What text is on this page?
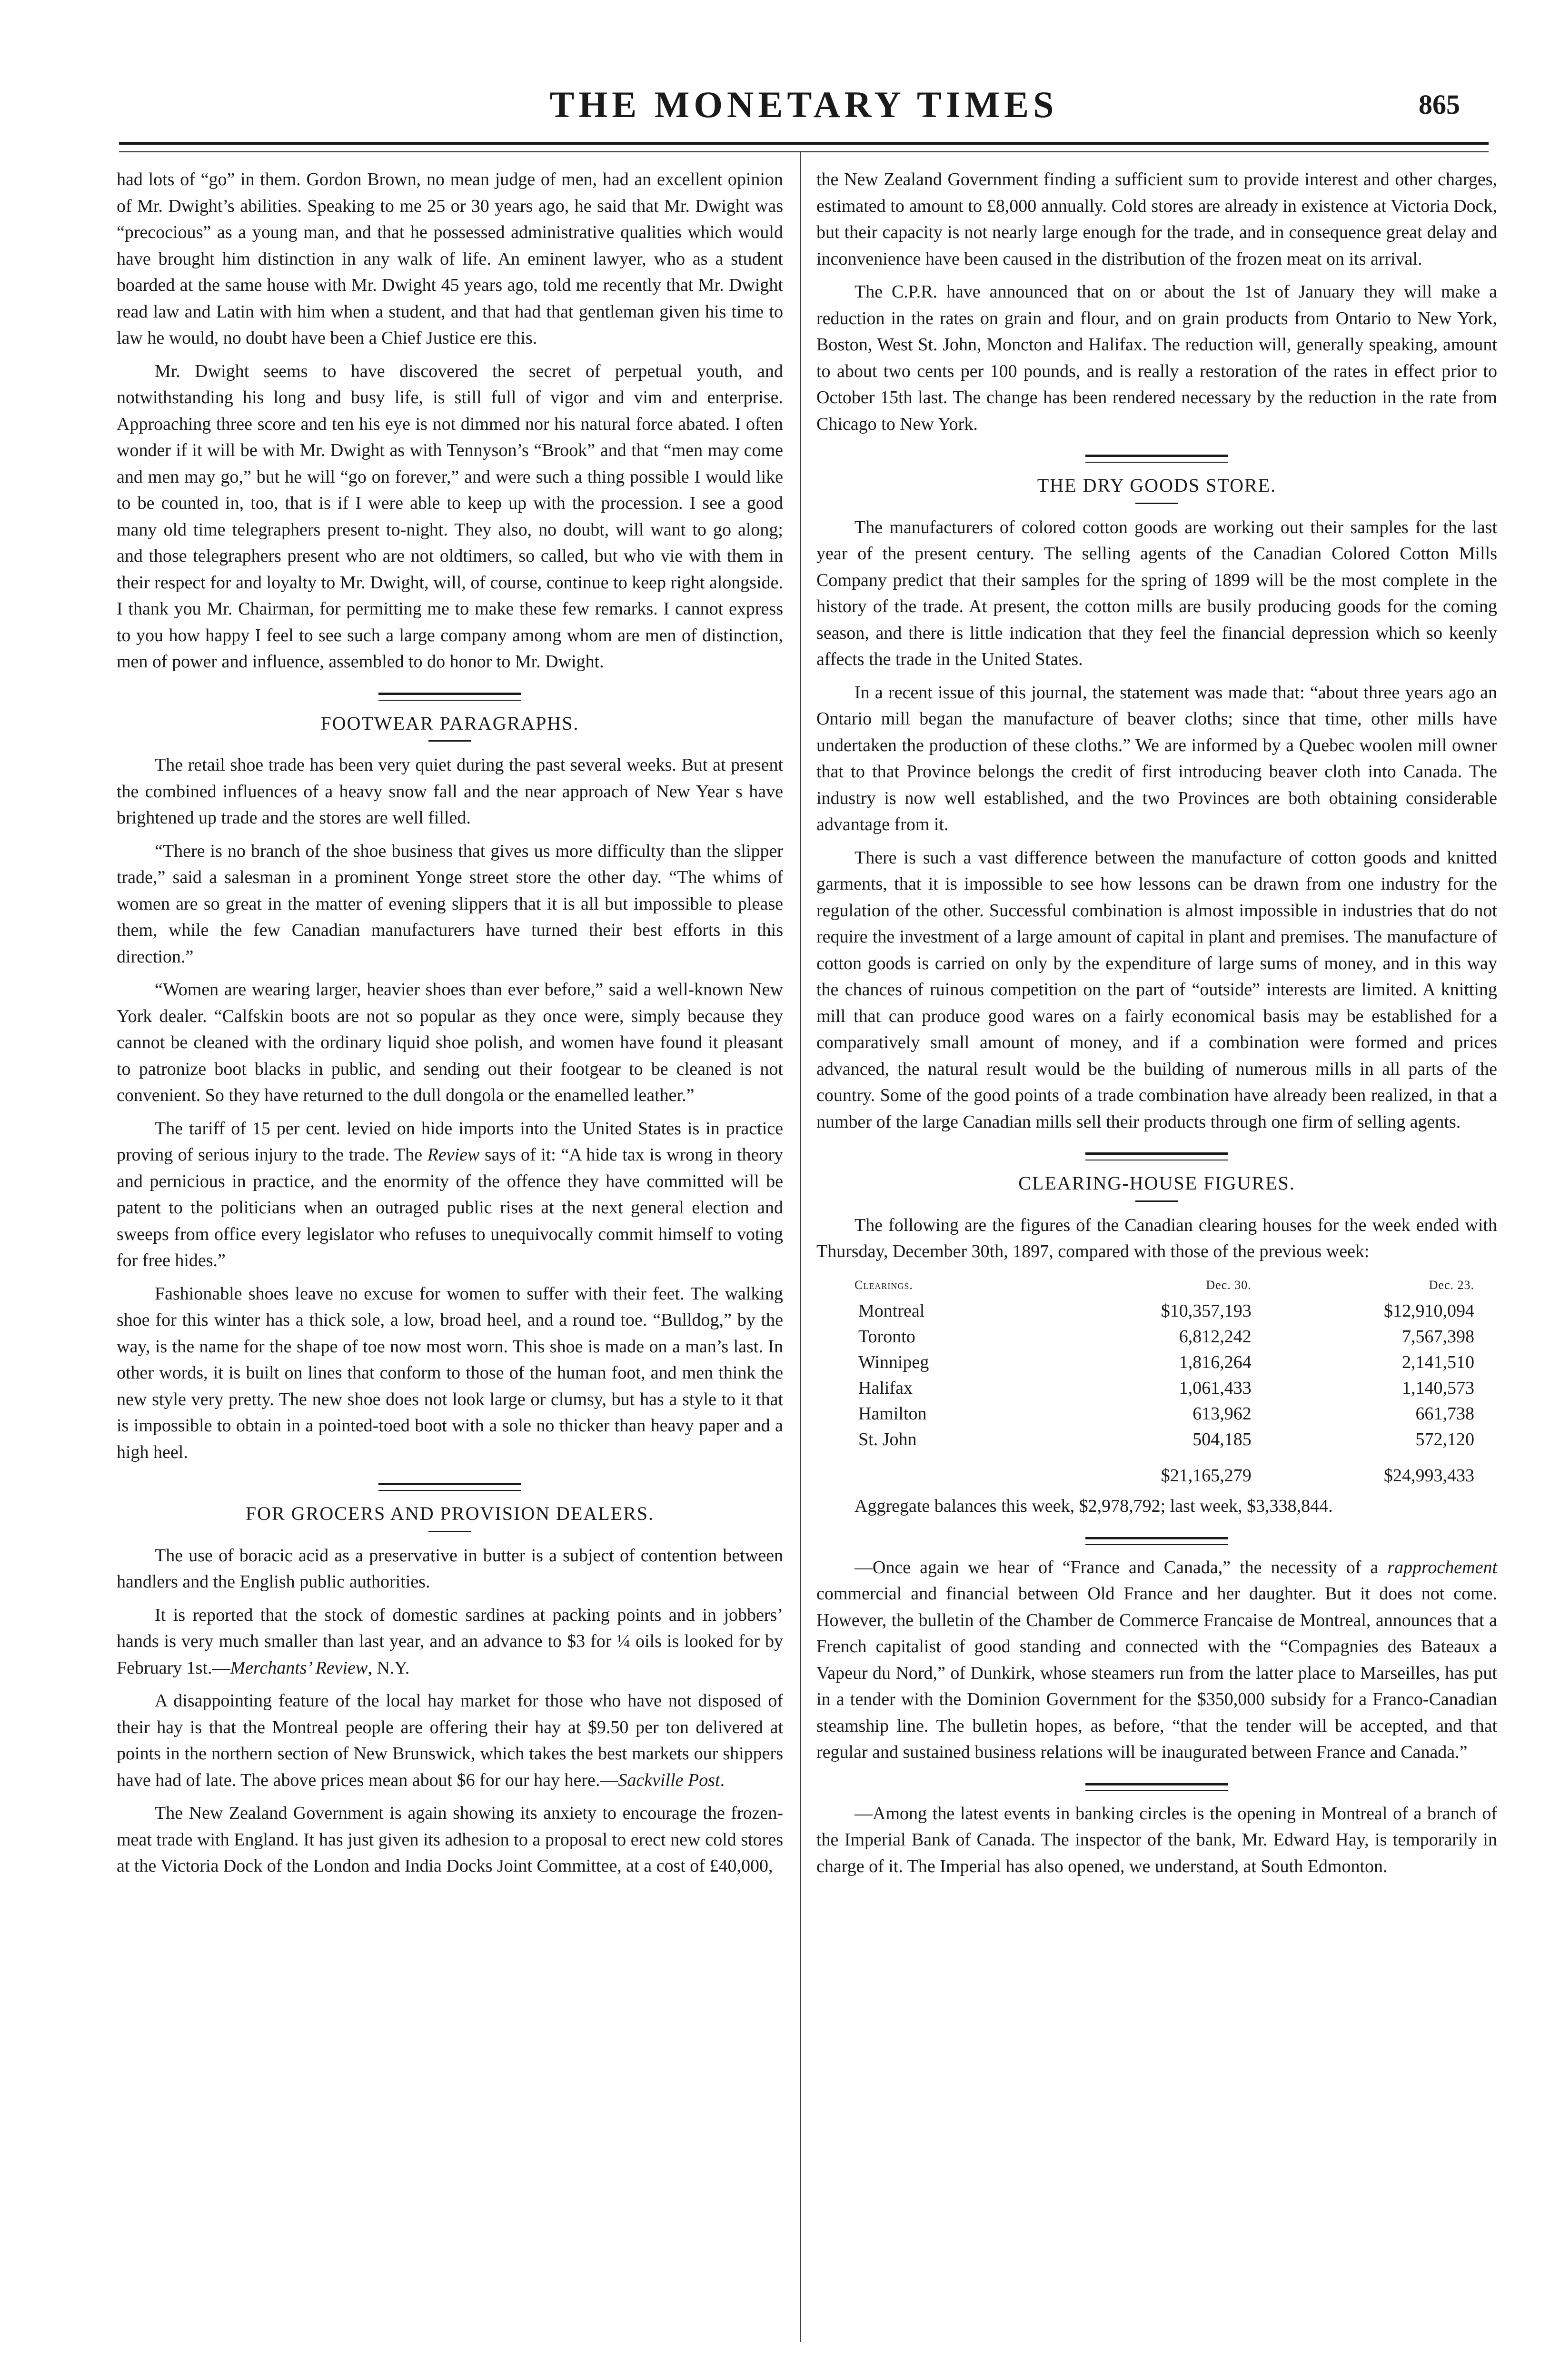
THE MONETARY TIMES	865

had lots of “go” in them. Gordon Brown, no mean judge of men, had an excellent opinion of Mr. Dwight’s abilities. Speaking to me 25 or 30 years ago, he said that Mr. Dwight was “precocious” as a young man, and that he possessed administrative qualities which would have brought him distinction in any walk of life. An eminent lawyer, who as a student boarded at the same house with Mr. Dwight 45 years ago, told me recently that Mr. Dwight read law and Latin with him when a student, and that had that gentleman given his time to law he would, no doubt have been a Chief Justice ere this.

Mr. Dwight seems to have discovered the secret of perpetual youth, and notwithstanding his long and busy life, is still full of vigor and vim and enterprise. Approaching three score and ten his eye is not dimmed nor his natural force abated. I often wonder if it will be with Mr. Dwight as with Tennyson’s “Brook” and that “men may come and men may go,” but he will “go on forever,” and were such a thing possible I would like to be counted in, too, that is if I were able to keep up with the procession. I see a good many old time telegraphers present to-night. They also, no doubt, will want to go along; and those telegraphers present who are not oldtimers, so called, but who vie with them in their respect for and loyalty to Mr. Dwight, will, of course, continue to keep right alongside. I thank you Mr. Chairman, for permitting me to make these few remarks. I cannot express to you how happy I feel to see such a large company among whom are men of distinction, men of power and influence, assembled to do honor to Mr. Dwight.

FOOTWEAR PARAGRAPHS.

The retail shoe trade has been very quiet during the past several weeks. But at present the combined influences of a heavy snow fall and the near approach of New Year s have brightened up trade and the stores are well filled.

“There is no branch of the shoe business that gives us more difficulty than the slipper trade,” said a salesman in a prominent Yonge street store the other day. “The whims of women are so great in the matter of evening slippers that it is all but impossible to please them, while the few Canadian manufacturers have turned their best efforts in this direction.”

“Women are wearing larger, heavier shoes than ever before,” said a well-known New York dealer. “Calfskin boots are not so popular as they once were, simply because they cannot be cleaned with the ordinary liquid shoe polish, and women have found it pleasant to patronize boot blacks in public, and sending out their footgear to be cleaned is not convenient. So they have returned to the dull dongola or the enamelled leather.”

The tariff of 15 per cent. levied on hide imports into the United States is in practice proving of serious injury to the trade. The Review says of it: “A hide tax is wrong in theory and pernicious in practice, and the enormity of the offence they have committed will be patent to the politicians when an outraged public rises at the next general election and sweeps from office every legislator who refuses to unequivocally commit himself to voting for free hides.”

Fashionable shoes leave no excuse for women to suffer with their feet. The walking shoe for this winter has a thick sole, a low, broad heel, and a round toe. “Bulldog,” by the way, is the name for the shape of toe now most worn. This shoe is made on a man’s last. In other words, it is built on lines that conform to those of the human foot, and men think the new style very pretty. The new shoe does not look large or clumsy, but has a style to it that is impossible to obtain in a pointed-toed boot with a sole no thicker than heavy paper and a high heel.

FOR GROCERS AND PROVISION DEALERS.

The use of boracic acid as a preservative in butter is a subject of contention between handlers and the English public authorities.

It is reported that the stock of domestic sardines at packing points and in jobbers’ hands is very much smaller than last year, and an advance to $3 for ¼ oils is looked for by February 1st.—Merchants’ Review, N.Y.

A disappointing feature of the local hay market for those who have not disposed of their hay is that the Montreal people are offering their hay at $9.50 per ton delivered at points in the northern section of New Brunswick, which takes the best markets our shippers have had of late. The above prices mean about $6 for our hay here.—Sackville Post.

The New Zealand Government is again showing its anxiety to encourage the frozen-meat trade with England. It has just given its adhesion to a proposal to erect new cold stores at the Victoria Dock of the London and India Docks Joint Committee, at a cost of £40,000,

the New Zealand Government finding a sufficient sum to provide interest and other charges, estimated to amount to £8,000 annually. Cold stores are already in existence at Victoria Dock, but their capacity is not nearly large enough for the trade, and in consequence great delay and inconvenience have been caused in the distribution of the frozen meat on its arrival.

The C.P.R. have announced that on or about the 1st of January they will make a reduction in the rates on grain and flour, and on grain products from Ontario to New York, Boston, West St. John, Moncton and Halifax. The reduction will, generally speaking, amount to about two cents per 100 pounds, and is really a restoration of the rates in effect prior to October 15th last. The change has been rendered necessary by the reduction in the rate from Chicago to New York.

THE DRY GOODS STORE.

The manufacturers of colored cotton goods are working out their samples for the last year of the present century. The selling agents of the Canadian Colored Cotton Mills Company predict that their samples for the spring of 1899 will be the most complete in the history of the trade. At present, the cotton mills are busily producing goods for the coming season, and there is little indication that they feel the financial depression which so keenly affects the trade in the United States.

In a recent issue of this journal, the statement was made that: “about three years ago an Ontario mill began the manufacture of beaver cloths; since that time, other mills have undertaken the production of these cloths.” We are informed by a Quebec woolen mill owner that to that Province belongs the credit of first introducing beaver cloth into Canada. The industry is now well established, and the two Provinces are both obtaining considerable advantage from it.

There is such a vast difference between the manufacture of cotton goods and knitted garments, that it is impossible to see how lessons can be drawn from one industry for the regulation of the other. Successful combination is almost impossible in industries that do not require the investment of a large amount of capital in plant and premises. The manufacture of cotton goods is carried on only by the expenditure of large sums of money, and in this way the chances of ruinous competition on the part of “outside” interests are limited. A knitting mill that can produce good wares on a fairly economical basis may be established for a comparatively small amount of money, and if a combination were formed and prices advanced, the natural result would be the building of numerous mills in all parts of the country. Some of the good points of a trade combination have already been realized, in that a number of the large Canadian mills sell their products through one firm of selling agents.

CLEARING-HOUSE FIGURES.

The following are the figures of the Canadian clearing houses for the week ended with Thursday, December 30th, 1897, compared with those of the previous week:

Clearings.	Dec. 30.	Dec. 23.
Montreal	$10,357,193	$12,910,094
Toronto	6,812,242	7,567,398
Winnipeg	1,816,264	2,141,510
Halifax	1,061,433	1,140,573
Hamilton	613,962	661,738
St. John	504,185	572,120
	$21,165,279	$24,993,433

Aggregate balances this week, $2,978,792; last week, $3,338,844.

—Once again we hear of “France and Canada,” the necessity of a rapprochement commercial and financial between Old France and her daughter. But it does not come. However, the bulletin of the Chamber de Commerce Francaise de Montreal, announces that a French capitalist of good standing and connected with the “Compagnies des Bateaux a Vapeur du Nord,” of Dunkirk, whose steamers run from the latter place to Marseilles, has put in a tender with the Dominion Government for the $350,000 subsidy for a Franco-Canadian steamship line. The bulletin hopes, as before, “that the tender will be accepted, and that regular and sustained business relations will be inaugurated between France and Canada.”

—Among the latest events in banking circles is the opening in Montreal of a branch of the Imperial Bank of Canada. The inspector of the bank, Mr. Edward Hay, is temporarily in charge of it. The Imperial has also opened, we understand, at South Edmonton.
